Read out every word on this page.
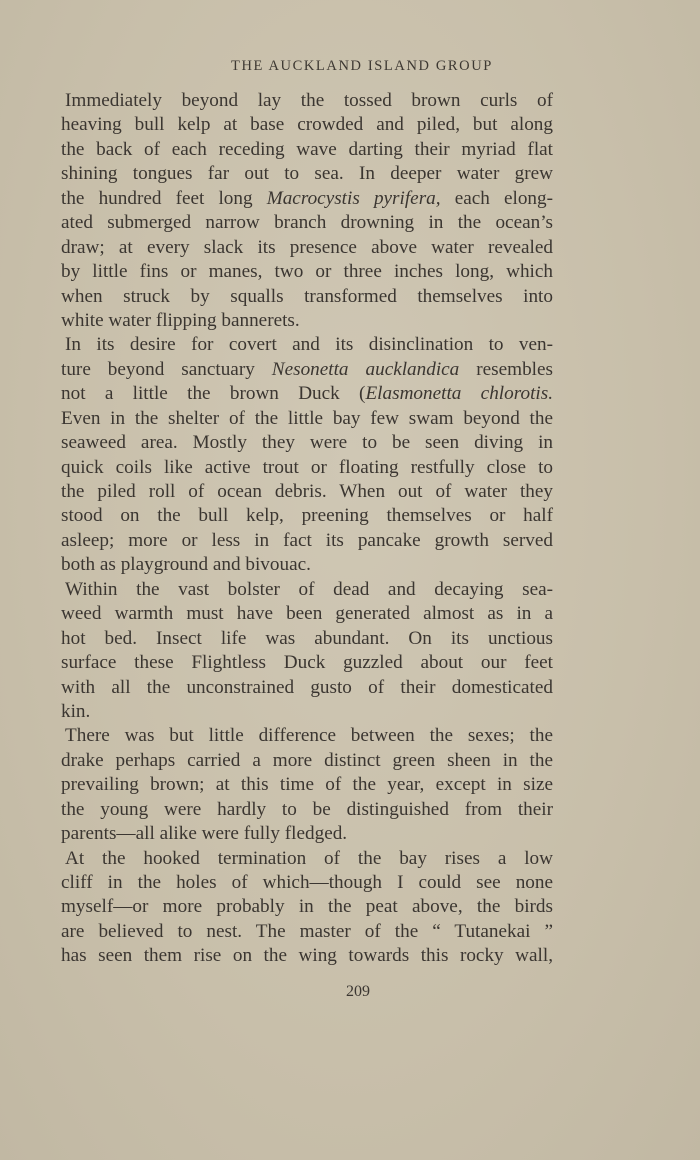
THE AUCKLAND ISLAND GROUP
Immediately beyond lay the tossed brown curls of
heaving bull kelp at base crowded and piled, but along
the back of each receding wave darting their myriad flat
shining tongues far out to sea. In deeper water grew
the hundred feet long Macrocystis pyrifera, each elong-
ated submerged narrow branch drowning in the ocean’s
draw; at every slack its presence above water revealed
by little fins or manes, two or three inches long, which
when struck by squalls transformed themselves into
white water flipping bannerets.
In its desire for covert and its disinclination to ven-
ture beyond sanctuary Nesonetta aucklandica resembles
not a little the brown Duck (Elasmonetta chlorotis.
Even in the shelter of the little bay few swam beyond the
seaweed area. Mostly they were to be seen diving in
quick coils like active trout or floating restfully close to
the piled roll of ocean debris. When out of water they
stood on the bull kelp, preening themselves or half
asleep; more or less in fact its pancake growth served
both as playground and bivouac.
Within the vast bolster of dead and decaying sea-
weed warmth must have been generated almost as in a
hot bed. Insect life was abundant. On its unctious
surface these Flightless Duck guzzled about our feet
with all the unconstrained gusto of their domesticated
kin.
There was but little difference between the sexes; the
drake perhaps carried a more distinct green sheen in the
prevailing brown; at this time of the year, except in size
the young were hardly to be distinguished from their
parents—all alike were fully fledged.
At the hooked termination of the bay rises a low
cliff in the holes of which—though I could see none
myself—or more probably in the peat above, the birds
are believed to nest. The master of the “ Tutanekai ”
has seen them rise on the wing towards this rocky wall,
209
